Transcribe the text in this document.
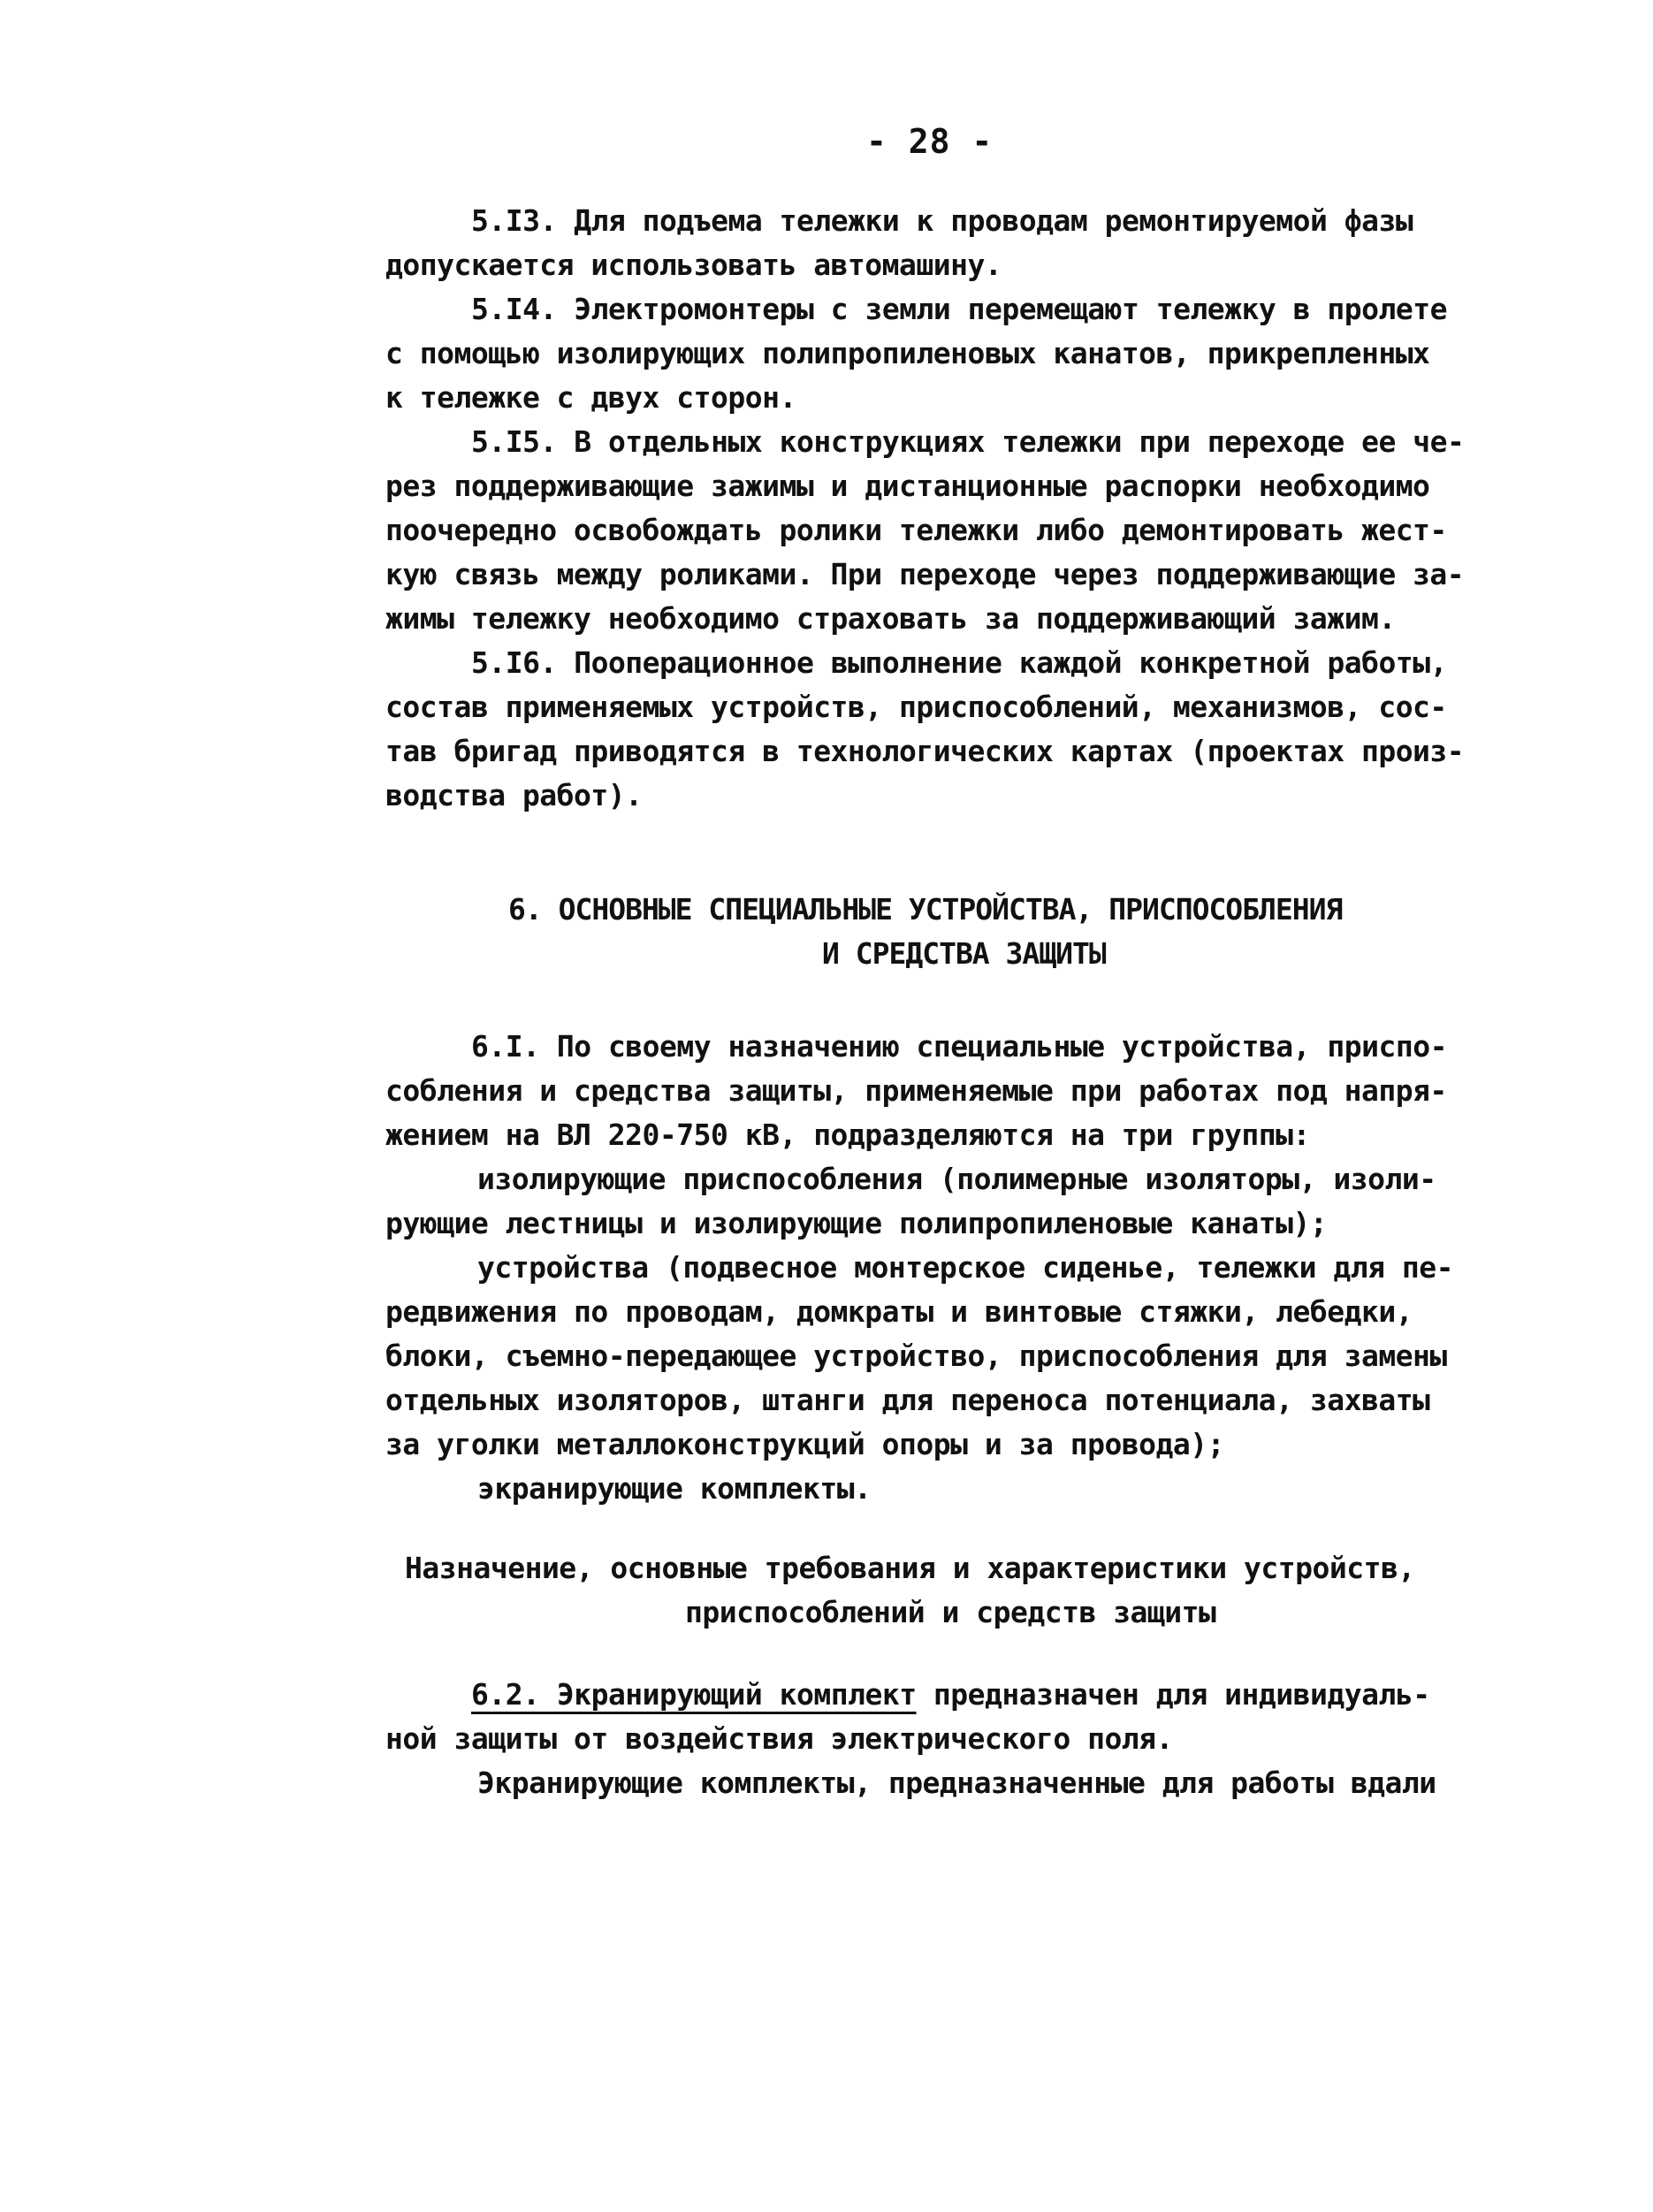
- 28 -
5.I3. Для подъема тележки к проводам ремонтируемой фазы
допускается использовать автомашину.
5.I4. Электромонтеры с земли перемещают тележку в пролете
с помощью изолирующих полипропиленовых канатов, прикрепленных
к тележке с двух сторон.
5.I5. В отдельных конструкциях тележки при переходе ее че-
рез поддерживающие зажимы и дистанционные распорки необходимо
поочередно освобождать ролики тележки либо демонтировать жест-
кую связь между роликами. При переходе через поддерживающие за-
жимы тележку необходимо страховать за поддерживающий зажим.
5.I6. Пооперационное выполнение каждой конкретной работы,
состав применяемых устройств, приспособлений, механизмов, сос-
тав бригад приводятся в технологических картах (проектах произ-
водства работ).
6. ОСНОВНЫЕ СПЕЦИАЛЬНЫЕ УСТРОЙСТВА, ПРИСПОСОБЛЕНИЯ
И СРЕДСТВА ЗАЩИТЫ
6.I. По своему назначению специальные устройства, приспо-
собления и средства защиты, применяемые при работах под напря-
жением на ВЛ 220-750 кВ, подразделяются на три группы:
изолирующие приспособления (полимерные изоляторы, изоли-
рующие лестницы и изолирующие полипропиленовые канаты);
устройства (подвесное монтерское сиденье, тележки для пе-
редвижения по проводам, домкраты и винтовые стяжки, лебедки,
блоки, съемно-передающее устройство, приспособления для замены
отдельных изоляторов, штанги для переноса потенциала, захваты
за уголки металлоконструкций опоры и за провода);
экранирующие комплекты.
Назначение, основные требования и характеристики устройств,
приспособлений и средств защиты
6.2. Экранирующий комплект предназначен для индивидуаль-
ной защиты от воздействия электрического поля.
Экранирующие комплекты, предназначенные для работы вдали
